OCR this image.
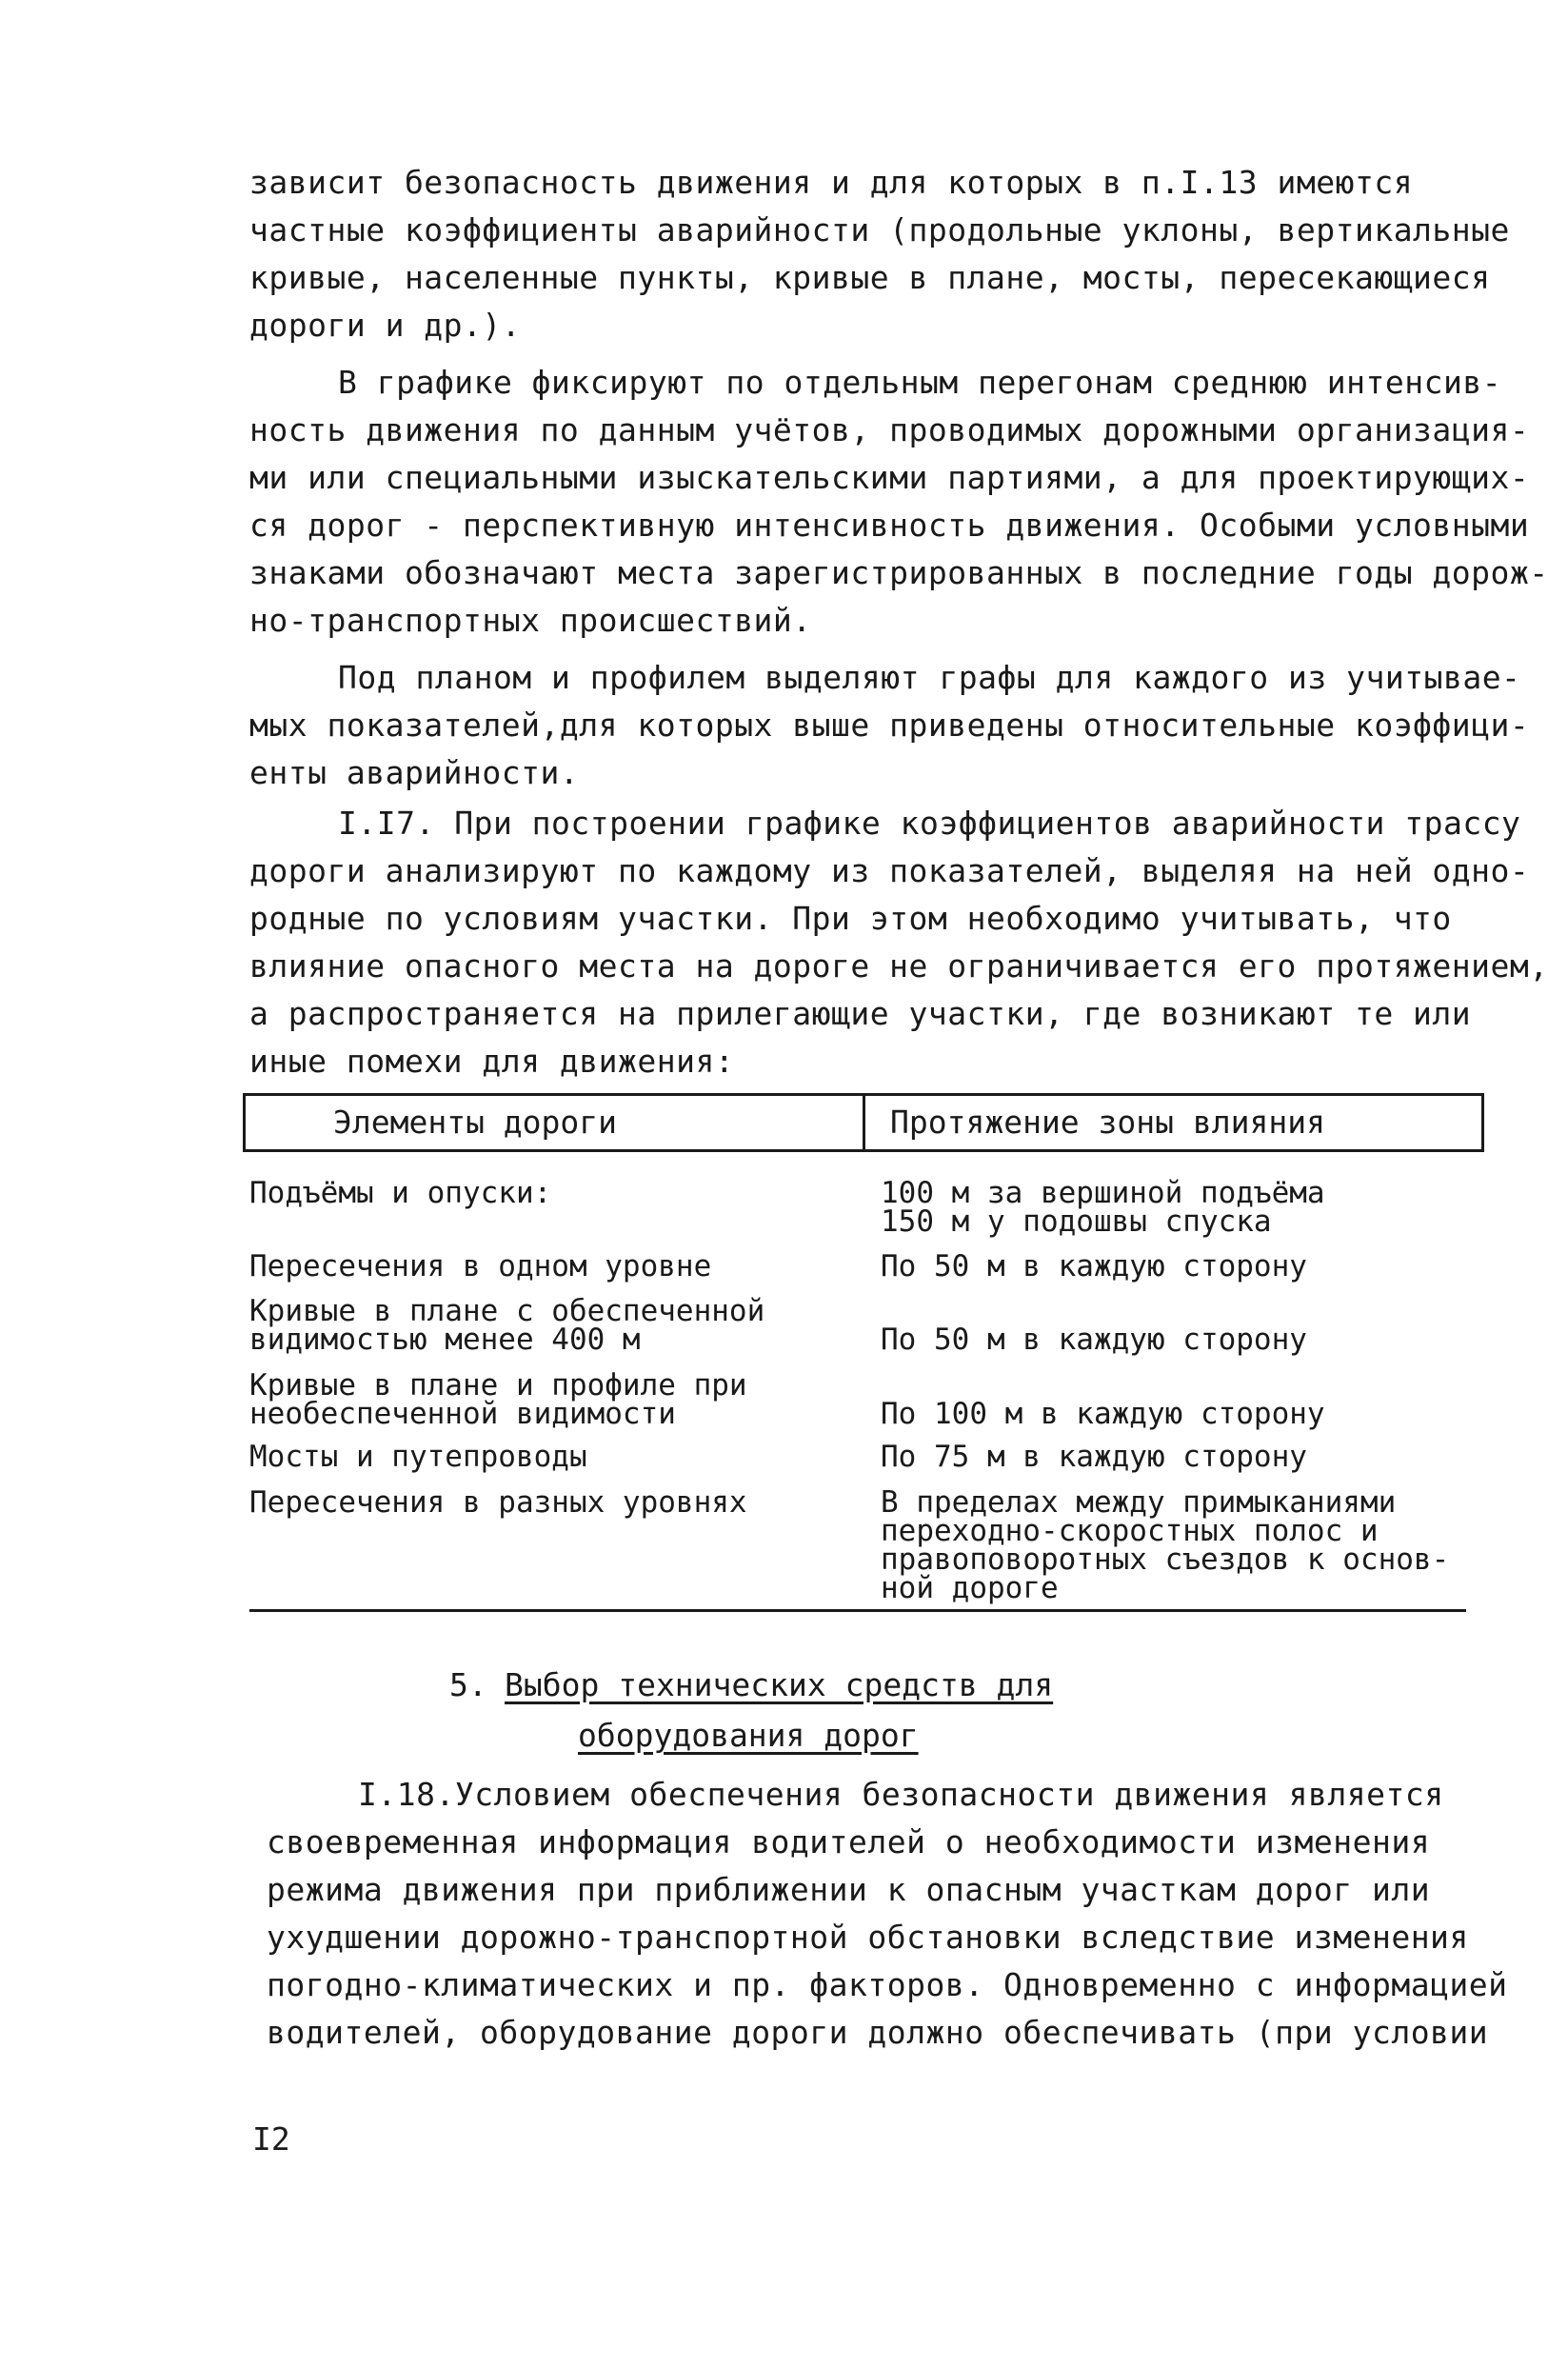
зависит безопасность движения и для которых в п.I.13 имеются
частные коэффициенты аварийности (продольные уклоны, вертикальные
кривые, населенные пункты, кривые в плане, мосты, пересекающиеся
дороги и др.).
В графике фиксируют по отдельным перегонам среднюю интенсив-
ность движения по данным учётов, проводимых дорожными организация-
ми или специальными изыскательскими партиями, а для проектирующих-
ся дорог - перспективную интенсивность движения. Особыми условными
знаками обозначают места зарегистрированных в последние годы дорож-
но-транспортных происшествий.
Под планом и профилем выделяют графы для каждого из учитывае-
мых показателей,для которых выше приведены относительные коэффици-
енты аварийности.
I.I7. При построении графике коэффициентов аварийности трассу
дороги анализируют по каждому из показателей, выделяя на ней одно-
родные по условиям участки. При этом необходимо учитывать, что
влияние опасного места на дороге не ограничивается его протяжением,
а распространяется на прилегающие участки, где возникают те или
иные помехи для движения:
Элементы дороги	Протяжение зоны влияния
Подъёмы и опуски:	100 м за вершиной подъёма
150 м у подошвы спуска
Пересечения в одном уровне	По 50 м в каждую сторону
Кривые в плане с обеспеченной
видимостью менее 400 м	По 50 м в каждую сторону
Кривые в плане и профиле при
необеспеченной видимости	По 100 м в каждую сторону
Мосты и путепроводы	По 75 м в каждую сторону
Пересечения в разных уровнях	В пределах между примыканиями
переходно-скоростных полос и
правоповоротных съездов к основ-
ной дороге
5. Выбор технических средств для
оборудования дорог
I.18.Условием обеспечения безопасности движения является
своевременная информация водителей о необходимости изменения
режима движения при приближении к опасным участкам дорог или
ухудшении дорожно-транспортной обстановки вследствие изменения
погодно-климатических и пр. факторов. Одновременно с информацией
водителей, оборудование дороги должно обеспечивать (при условии
I2
